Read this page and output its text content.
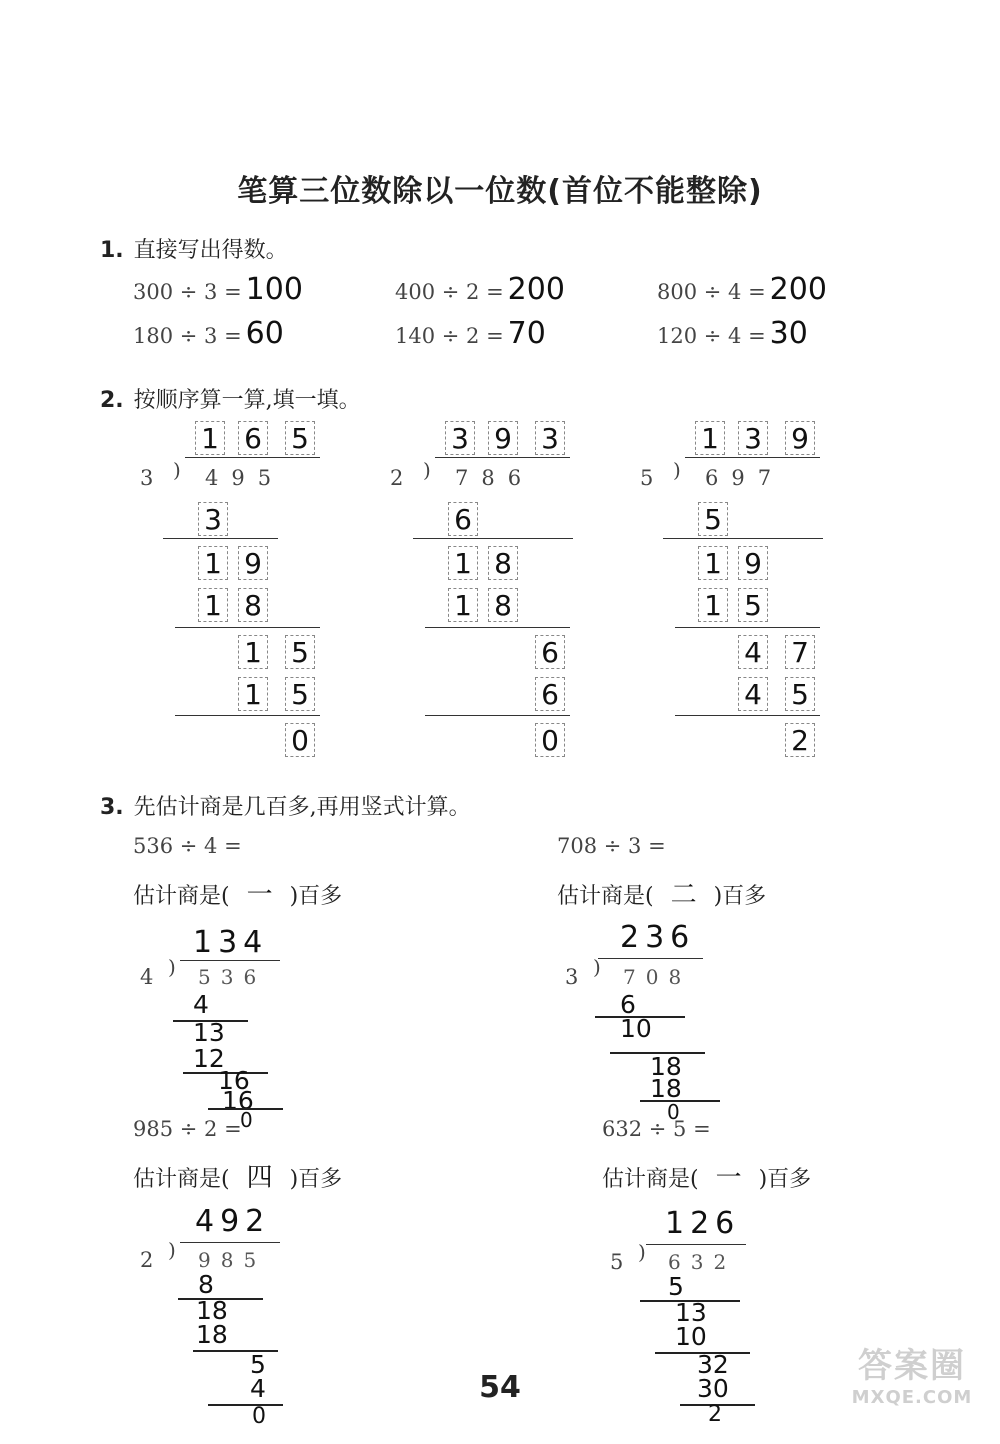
笔算三位数除以一位数(首位不能整除)
1. 直接写出得数。
300 ÷ 3 = 100	400 ÷ 2 = 200	800 ÷ 4 = 200
180 ÷ 3 = 60	140 ÷ 2 = 70	120 ÷ 4 = 30
2. 按顺序算一算,填一填。
1 6 5
3 ) 495
3
1 9
1 8
1 5
1 5
0
3 9 3
2 ) 786
6
1 8
1 8
6
6
0
1 3 9
5 ) 697
5
1 9
1 5
4 7
4 5
2
3. 先估计商是几百多,再用竖式计算。
536 ÷ 4 =
估计商是( 一 )百多
134
4 ) 536
4
13
12
16
16
0
708 ÷ 3 =
估计商是( 二 )百多
236
3 ) 708
6
10
18
18
0
985 ÷ 2 =
估计商是( 四 )百多
492
2 ) 985
8
18
18
5
4
0
632 ÷ 5 =
估计商是( 一 )百多
126
5 ) 632
5
13
10
32
30
2
54
答案圈
MXQE.COM
